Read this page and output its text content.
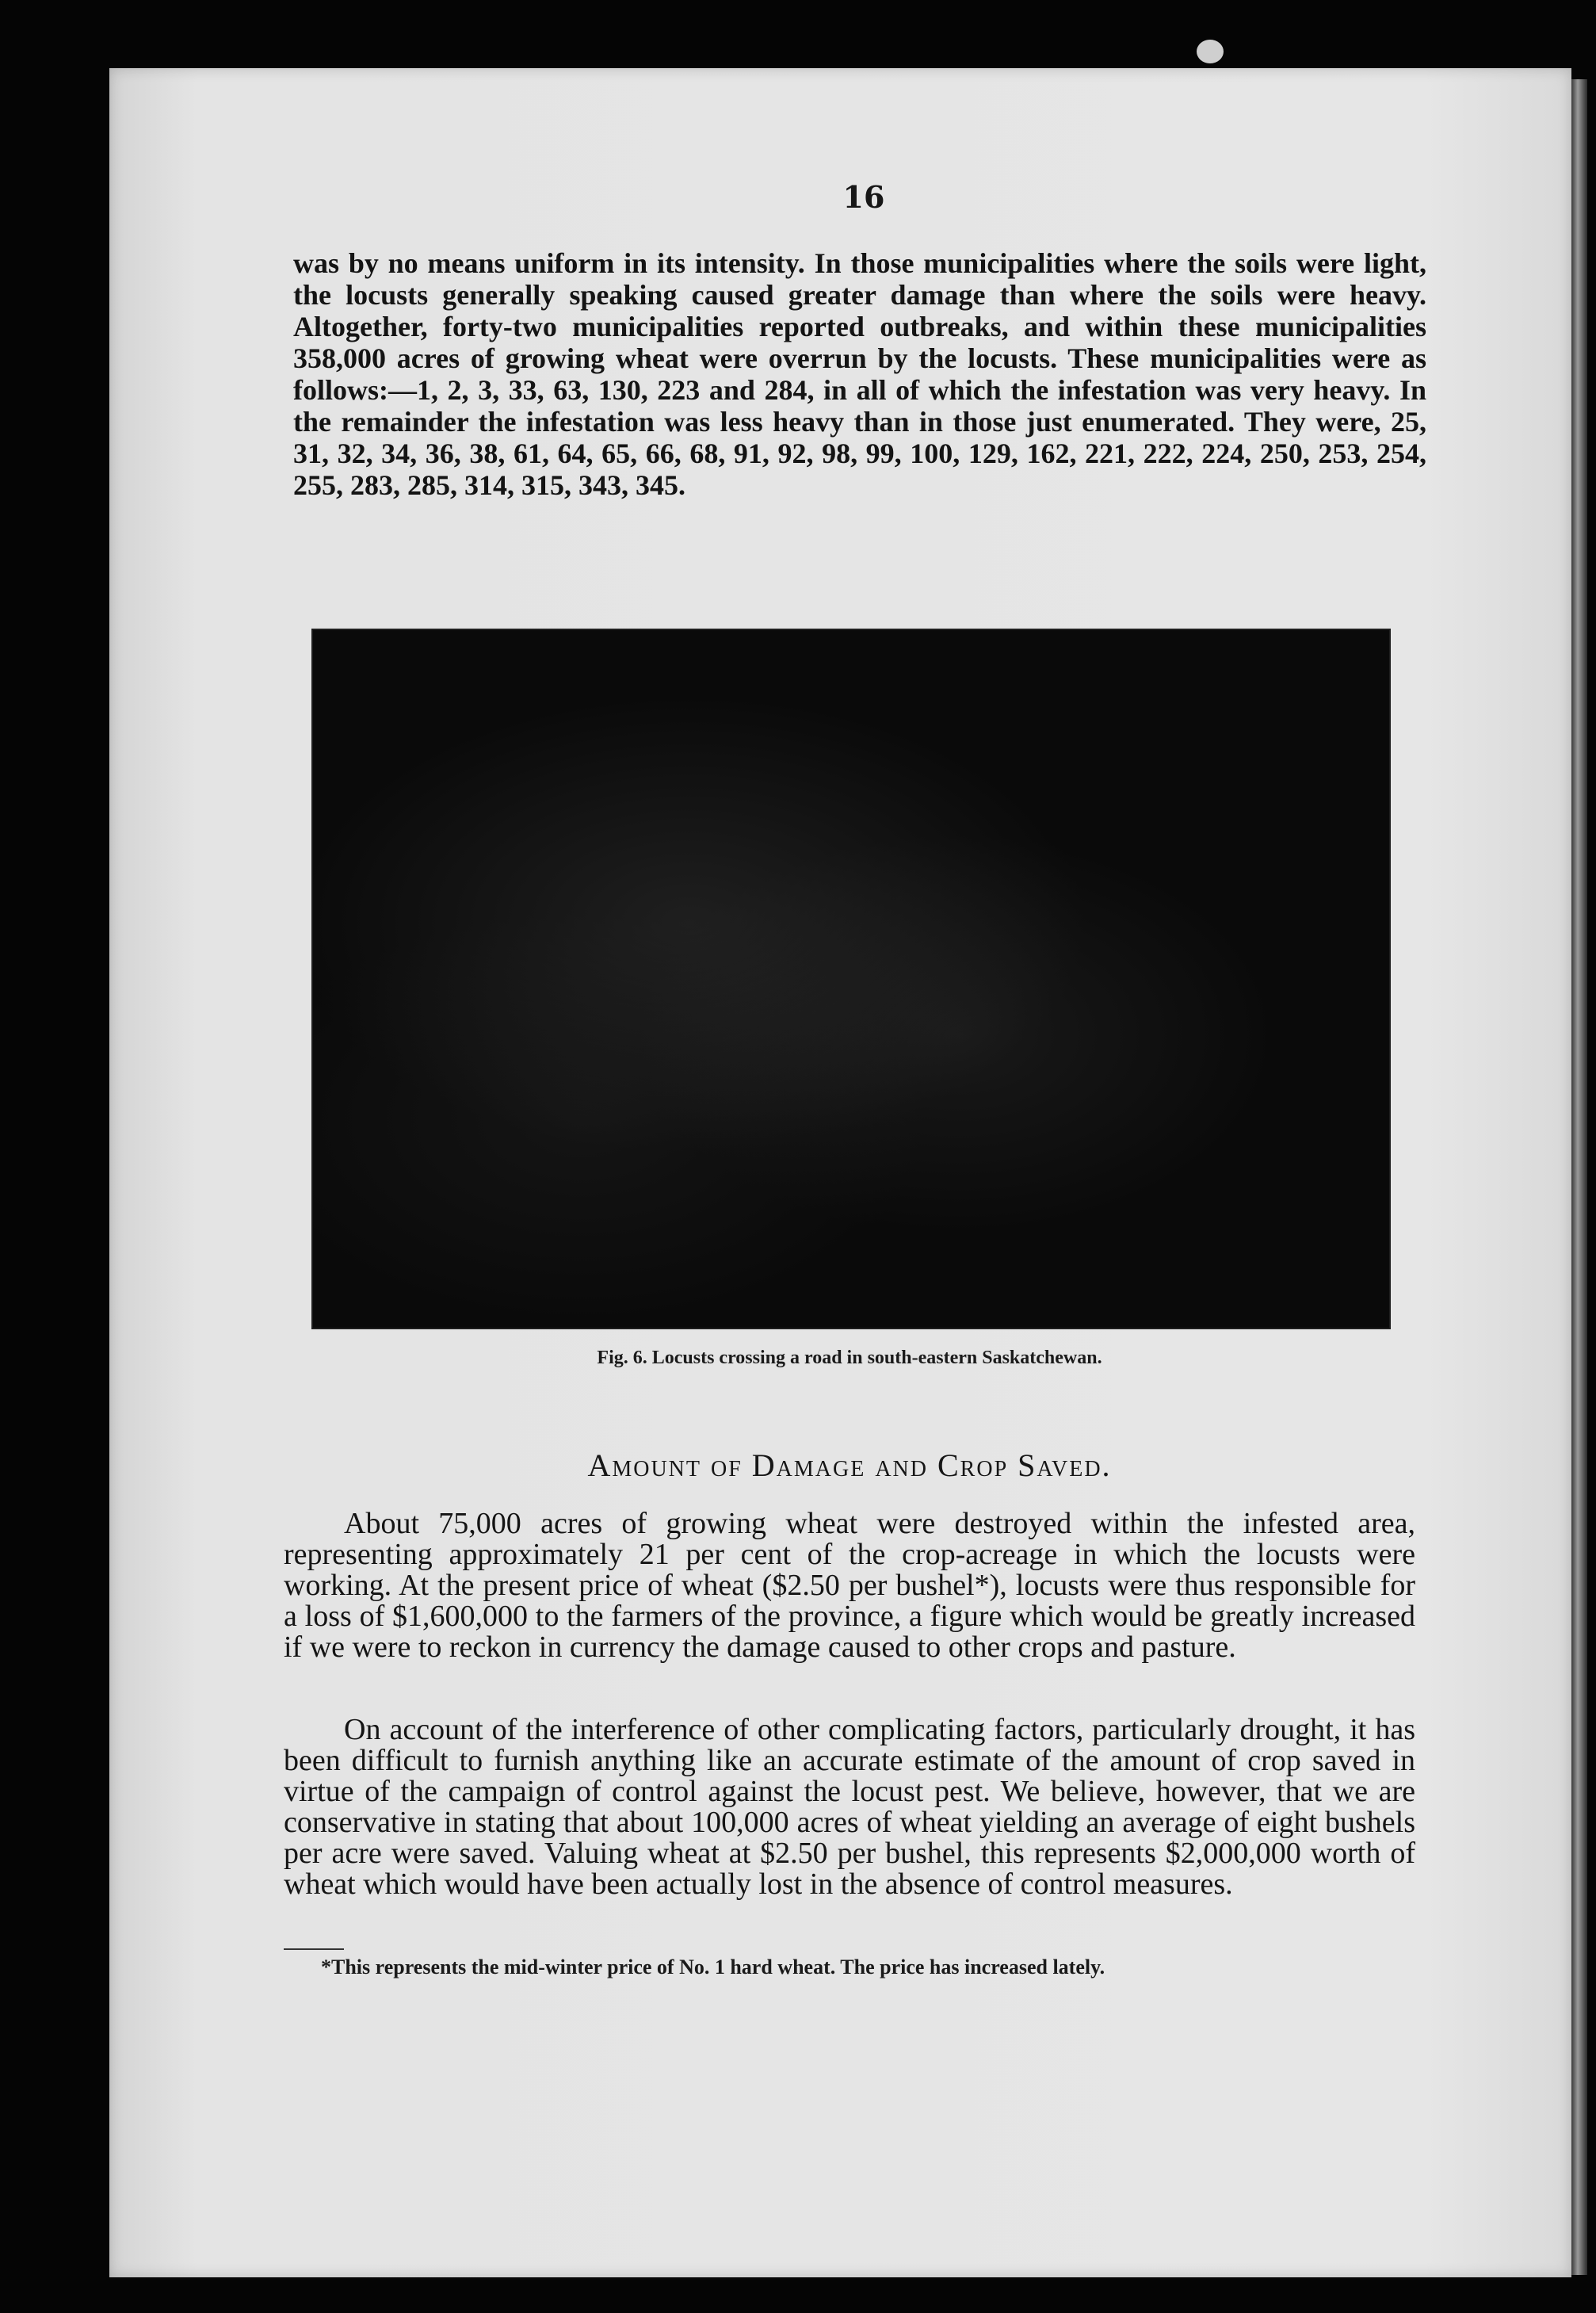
16

was by no means uniform in its intensity. In those municipalities where the soils were light, the locusts generally speaking caused greater damage than where the soils were heavy. Altogether, forty-two municipalities reported outbreaks, and within these municipalities 358,000 acres of growing wheat were overrun by the locusts. These municipalities were as follows:—1, 2, 3, 33, 63, 130, 223 and 284, in all of which the infestation was very heavy. In the remainder the infestation was less heavy than in those just enumerated. They were, 25, 31, 32, 34, 36, 38, 61, 64, 65, 66, 68, 91, 92, 98, 99, 100, 129, 162, 221, 222, 224, 250, 253, 254, 255, 283, 285, 314, 315, 343, 345.

Fig. 6. Locusts crossing a road in south-eastern Saskatchewan.
Amount of Damage and Crop Saved.

About 75,000 acres of growing wheat were destroyed within the infested area, representing approximately 21 per cent of the crop-acreage in which the locusts were working. At the present price of wheat ($2.50 per bushel*), locusts were thus responsible for a loss of $1,600,000 to the farmers of the province, a figure which would be greatly increased if we were to reckon in currency the damage caused to other crops and pasture.

On account of the interference of other complicating factors, particularly drought, it has been difficult to furnish anything like an accurate estimate of the amount of crop saved in virtue of the campaign of control against the locust pest. We believe, however, that we are conservative in stating that about 100,000 acres of wheat yielding an average of eight bushels per acre were saved. Valuing wheat at $2.50 per bushel, this represents $2,000,000 worth of wheat which would have been actually lost in the absence of control measures.

*This represents the mid-winter price of No. 1 hard wheat. The price has increased lately.
